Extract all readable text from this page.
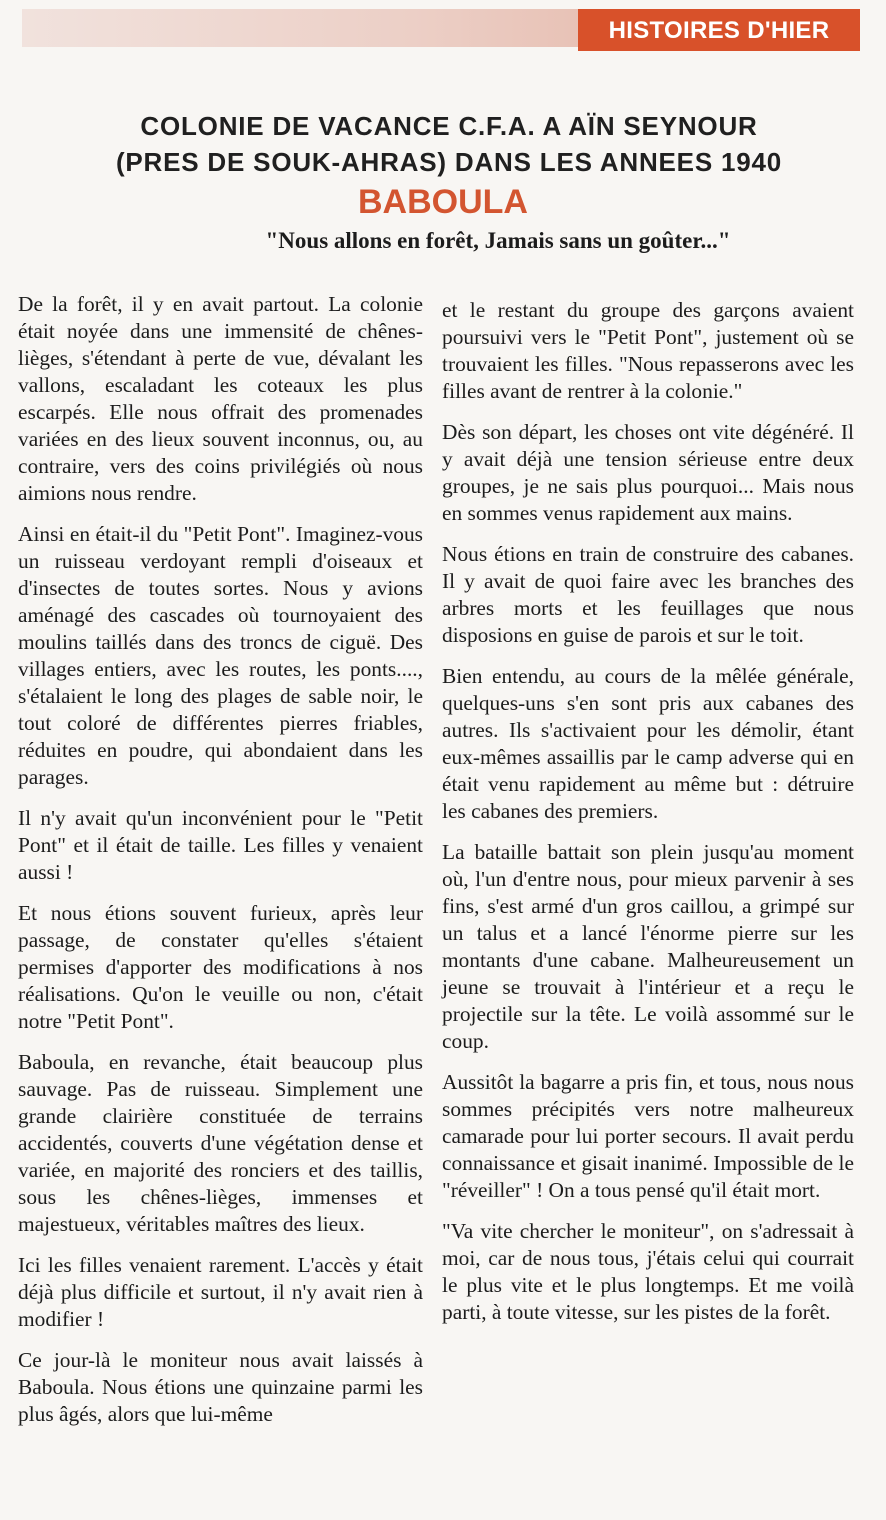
HISTOIRES D'HIER
COLONIE DE VACANCE C.F.A. A AÏN SEYNOUR
(PRES DE SOUK-AHRAS) DANS LES ANNEES 1940
BABOULA
"Nous allons en forêt, Jamais sans un goûter..."

De la forêt, il y en avait partout. La colonie était noyée dans une immensité de chênes-lièges, s'étendant à perte de vue, dévalant les vallons, escaladant les coteaux les plus escarpés. Elle nous offrait des promenades variées en des lieux souvent inconnus, ou, au contraire, vers des coins privilégiés où nous aimions nous rendre.

Ainsi en était-il du "Petit Pont". Imaginez-vous un ruisseau verdoyant rempli d'oiseaux et d'insectes de toutes sortes. Nous y avions aménagé des cascades où tournoyaient des moulins taillés dans des troncs de ciguë. Des villages entiers, avec les routes, les ponts...., s'étalaient le long des plages de sable noir, le tout coloré de différentes pierres friables, réduites en poudre, qui abondaient dans les parages.

Il n'y avait qu'un inconvénient pour le "Petit Pont" et il était de taille. Les filles y venaient aussi !

Et nous étions souvent furieux, après leur passage, de constater qu'elles s'étaient permises d'apporter des modifications à nos réalisations. Qu'on le veuille ou non, c'était notre "Petit Pont".

Baboula, en revanche, était beaucoup plus sauvage. Pas de ruisseau. Simplement une grande clairière constituée de terrains accidentés, couverts d'une végétation dense et variée, en majorité des ronciers et des taillis, sous les chênes-lièges, immenses et majestueux, véritables maîtres des lieux.

Ici les filles venaient rarement. L'accès y était déjà plus difficile et surtout, il n'y avait rien à modifier !

Ce jour-là le moniteur nous avait laissés à Baboula. Nous étions une quinzaine parmi les plus âgés, alors que lui-même

et le restant du groupe des garçons avaient poursuivi vers le "Petit Pont", justement où se trouvaient les filles. "Nous repasserons avec les filles avant de rentrer à la colonie."

Dès son départ, les choses ont vite dégénéré. Il y avait déjà une tension sérieuse entre deux groupes, je ne sais plus pourquoi... Mais nous en sommes venus rapidement aux mains.

Nous étions en train de construire des cabanes. Il y avait de quoi faire avec les branches des arbres morts et les feuillages que nous disposions en guise de parois et sur le toit.

Bien entendu, au cours de la mêlée générale, quelques-uns s'en sont pris aux cabanes des autres. Ils s'activaient pour les démolir, étant eux-mêmes assaillis par le camp adverse qui en était venu rapidement au même but : détruire les cabanes des premiers.

La bataille battait son plein jusqu'au moment où, l'un d'entre nous, pour mieux parvenir à ses fins, s'est armé d'un gros caillou, a grimpé sur un talus et a lancé l'énorme pierre sur les montants d'une cabane. Malheureusement un jeune se trouvait à l'intérieur et a reçu le projectile sur la tête. Le voilà assommé sur le coup.

Aussitôt la bagarre a pris fin, et tous, nous nous sommes précipités vers notre malheureux camarade pour lui porter secours. Il avait perdu connaissance et gisait inanimé. Impossible de le "réveiller" ! On a tous pensé qu'il était mort.

"Va vite chercher le moniteur", on s'adressait à moi, car de nous tous, j'étais celui qui courrait le plus vite et le plus longtemps. Et me voilà parti, à toute vitesse, sur les pistes de la forêt.
